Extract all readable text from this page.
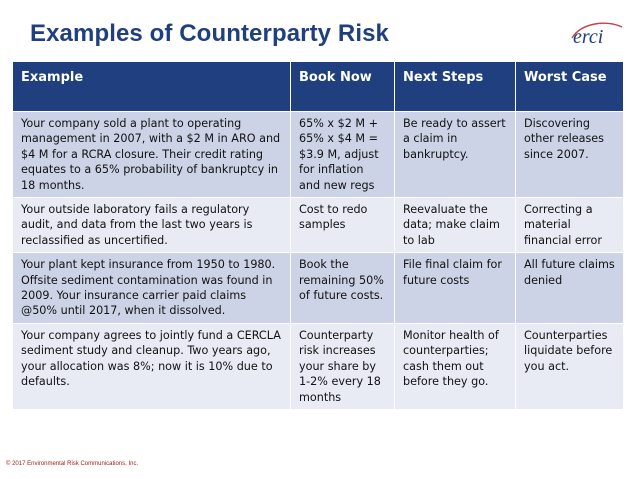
Examples of Counterparty Risk	erci
Example	Book Now	Next Steps	Worst Case
Your company sold a plant to operating management in 2007, with a $2 M in ARO and $4 M for a RCRA closure. Their credit rating equates to a 65% probability of bankruptcy in 18 months.	65% x $2 M + 65% x $4 M = $3.9 M, adjust for inflation and new regs	Be ready to assert a claim in bankruptcy.	Discovering other releases since 2007.
Your outside laboratory fails a regulatory audit, and data from the last two years is reclassified as uncertified.	Cost to redo samples	Reevaluate the data; make claim to lab	Correcting a material financial error
Your plant kept insurance from 1950 to 1980. Offsite sediment contamination was found in 2009. Your insurance carrier paid claims @50% until 2017, when it dissolved.	Book the remaining 50% of future costs.	File final claim for future costs	All future claims denied
Your company agrees to jointly fund a CERCLA sediment study and cleanup. Two years ago, your allocation was 8%; now it is 10% due to defaults.	Counterparty risk increases your share by 1-2% every 18 months	Monitor health of counterparties; cash them out before they go.	Counterparties liquidate before you act.
© 2017 Environmental Risk Communications, Inc.
